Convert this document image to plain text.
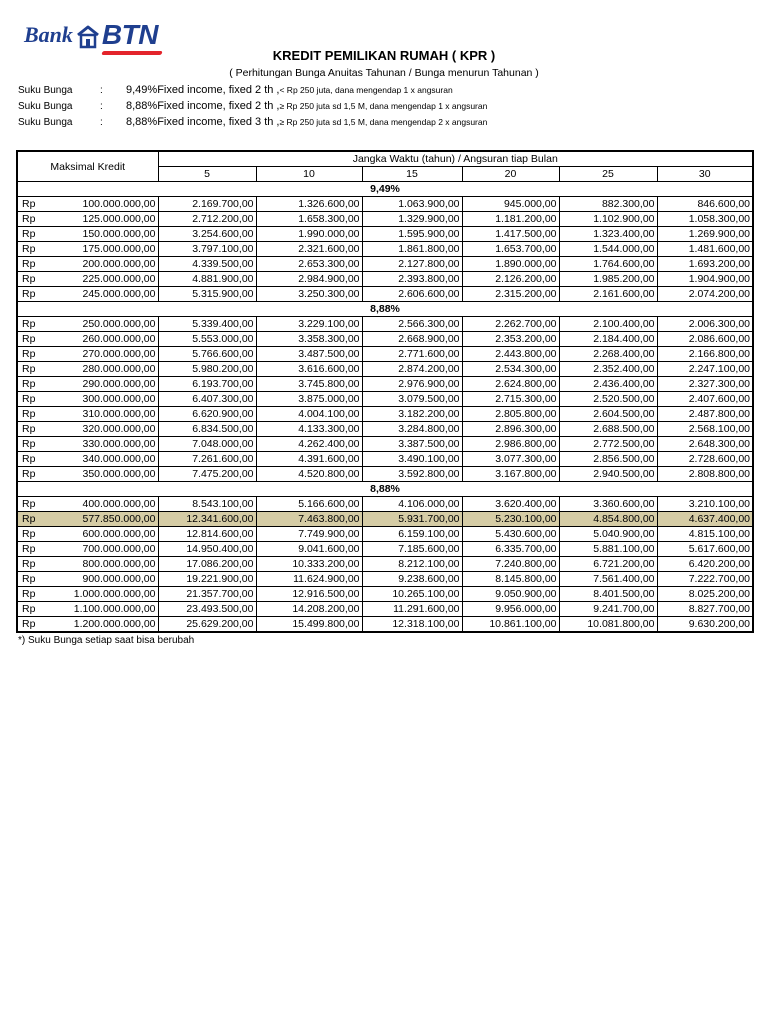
Bank BTN
KREDIT PEMILIKAN RUMAH ( KPR )
( Perhitungan Bunga Anuitas Tahunan / Bunga menurun Tahunan )
Suku Bunga	: 9,49%Fixed income, fixed 2 th ,< Rp 250 juta, dana mengendap 1 x angsuran
Suku Bunga	: 8,88%Fixed income, fixed 2 th ,≥ Rp 250 juta sd 1,5 M, dana mengendap 1 x angsuran
Suku Bunga	: 8,88%Fixed income, fixed 3 th ,≥ Rp 250 juta sd 1,5 M, dana mengendap 2 x angsuran
Maksimal Kredit		Jangka Waktu (tahun) / Angsuran tiap Bulan					
		5	10	15	20	25	30
9,49%							
Rp	100.000.000,00	2.169.700,00	1.326.600,00	1.063.900,00	945.000,00	882.300,00	846.600,00
Rp	125.000.000,00	2.712.200,00	1.658.300,00	1.329.900,00	1.181.200,00	1.102.900,00	1.058.300,00
Rp	150.000.000,00	3.254.600,00	1.990.000,00	1.595.900,00	1.417.500,00	1.323.400,00	1.269.900,00
Rp	175.000.000,00	3.797.100,00	2.321.600,00	1.861.800,00	1.653.700,00	1.544.000,00	1.481.600,00
Rp	200.000.000,00	4.339.500,00	2.653.300,00	2.127.800,00	1.890.000,00	1.764.600,00	1.693.200,00
Rp	225.000.000,00	4.881.900,00	2.984.900,00	2.393.800,00	2.126.200,00	1.985.200,00	1.904.900,00
Rp	245.000.000,00	5.315.900,00	3.250.300,00	2.606.600,00	2.315.200,00	2.161.600,00	2.074.200,00
8,88%							
Rp	250.000.000,00	5.339.400,00	3.229.100,00	2.566.300,00	2.262.700,00	2.100.400,00	2.006.300,00
Rp	260.000.000,00	5.553.000,00	3.358.300,00	2.668.900,00	2.353.200,00	2.184.400,00	2.086.600,00
Rp	270.000.000,00	5.766.600,00	3.487.500,00	2.771.600,00	2.443.800,00	2.268.400,00	2.166.800,00
Rp	280.000.000,00	5.980.200,00	3.616.600,00	2.874.200,00	2.534.300,00	2.352.400,00	2.247.100,00
Rp	290.000.000,00	6.193.700,00	3.745.800,00	2.976.900,00	2.624.800,00	2.436.400,00	2.327.300,00
Rp	300.000.000,00	6.407.300,00	3.875.000,00	3.079.500,00	2.715.300,00	2.520.500,00	2.407.600,00
Rp	310.000.000,00	6.620.900,00	4.004.100,00	3.182.200,00	2.805.800,00	2.604.500,00	2.487.800,00
Rp	320.000.000,00	6.834.500,00	4.133.300,00	3.284.800,00	2.896.300,00	2.688.500,00	2.568.100,00
Rp	330.000.000,00	7.048.000,00	4.262.400,00	3.387.500,00	2.986.800,00	2.772.500,00	2.648.300,00
Rp	340.000.000,00	7.261.600,00	4.391.600,00	3.490.100,00	3.077.300,00	2.856.500,00	2.728.600,00
Rp	350.000.000,00	7.475.200,00	4.520.800,00	3.592.800,00	3.167.800,00	2.940.500,00	2.808.800,00
8,88%							
Rp	400.000.000,00	8.543.100,00	5.166.600,00	4.106.000,00	3.620.400,00	3.360.600,00	3.210.100,00
Rp	577.850.000,00	12.341.600,00	7.463.800,00	5.931.700,00	5.230.100,00	4.854.800,00	4.637.400,00
Rp	600.000.000,00	12.814.600,00	7.749.900,00	6.159.100,00	5.430.600,00	5.040.900,00	4.815.100,00
Rp	700.000.000,00	14.950.400,00	9.041.600,00	7.185.600,00	6.335.700,00	5.881.100,00	5.617.600,00
Rp	800.000.000,00	17.086.200,00	10.333.200,00	8.212.100,00	7.240.800,00	6.721.200,00	6.420.200,00
Rp	900.000.000,00	19.221.900,00	11.624.900,00	9.238.600,00	8.145.800,00	7.561.400,00	7.222.700,00
Rp	1.000.000.000,00	21.357.700,00	12.916.500,00	10.265.100,00	9.050.900,00	8.401.500,00	8.025.200,00
Rp	1.100.000.000,00	23.493.500,00	14.208.200,00	11.291.600,00	9.956.000,00	9.241.700,00	8.827.700,00
Rp	1.200.000.000,00	25.629.200,00	15.499.800,00	12.318.100,00	10.861.100,00	10.081.800,00	9.630.200,00
*) Suku Bunga setiap saat bisa berubah
